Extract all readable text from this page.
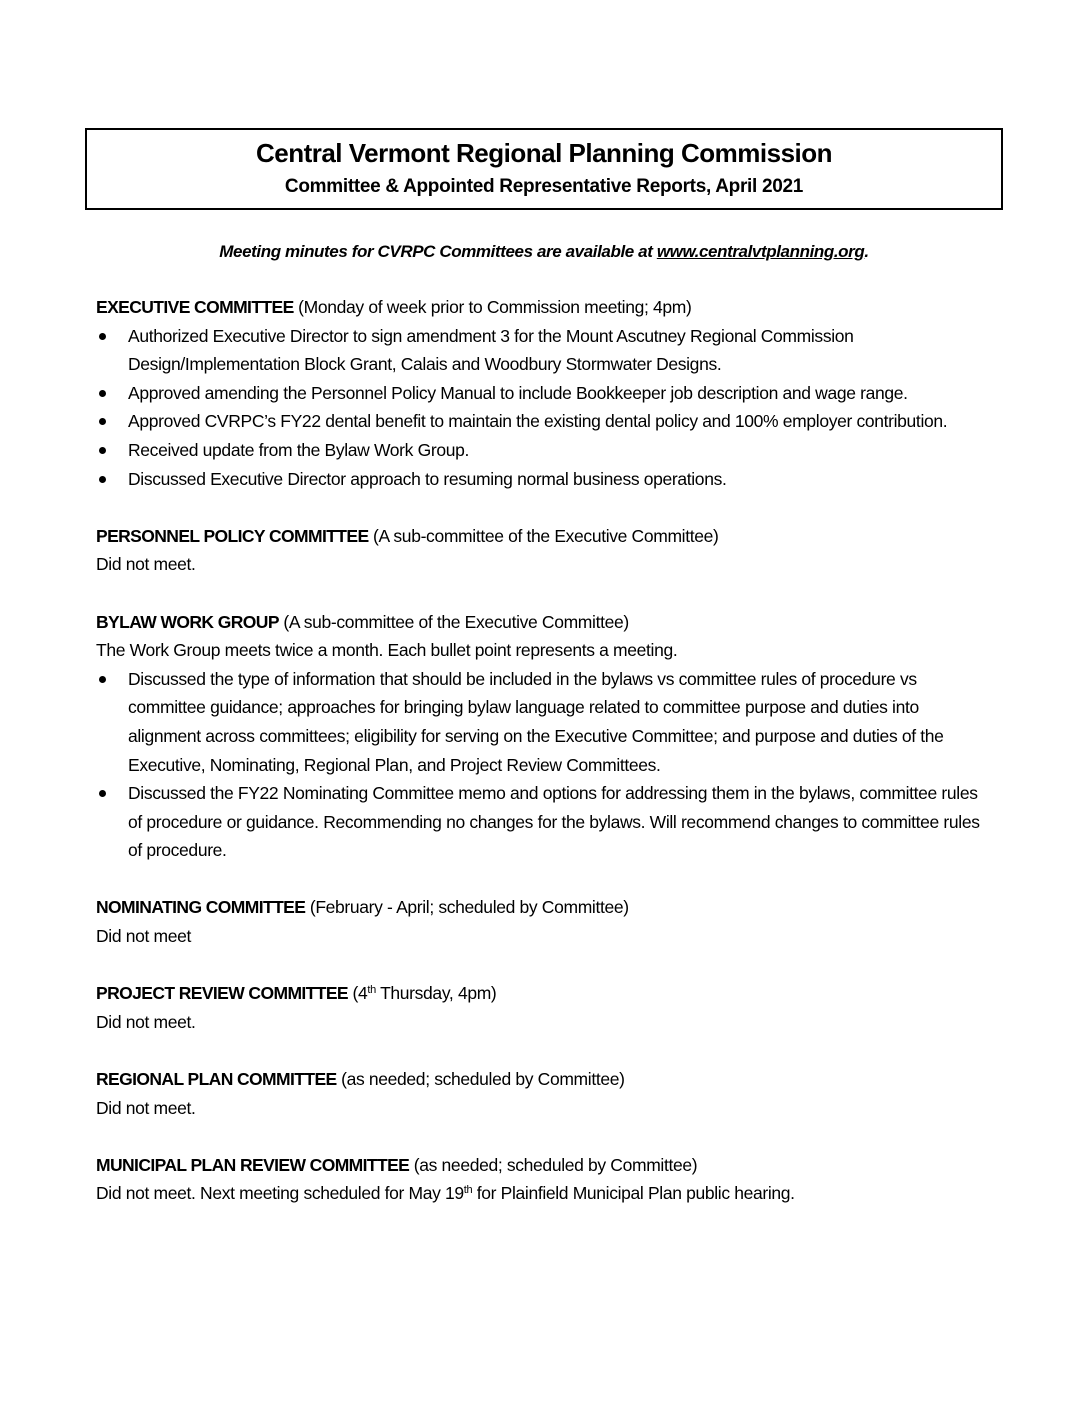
Central Vermont Regional Planning Commission
Committee & Appointed Representative Reports, April 2021
Meeting minutes for CVRPC Committees are available at www.centralvtplanning.org.
EXECUTIVE COMMITTEE (Monday of week prior to Commission meeting; 4pm)
Authorized Executive Director to sign amendment 3 for the Mount Ascutney Regional Commission Design/Implementation Block Grant, Calais and Woodbury Stormwater Designs.
Approved amending the Personnel Policy Manual to include Bookkeeper job description and wage range.
Approved CVRPC’s FY22 dental benefit to maintain the existing dental policy and 100% employer contribution.
Received update from the Bylaw Work Group.
Discussed Executive Director approach to resuming normal business operations.
PERSONNEL POLICY COMMITTEE (A sub-committee of the Executive Committee)
Did not meet.
BYLAW WORK GROUP (A sub-committee of the Executive Committee)
The Work Group meets twice a month. Each bullet point represents a meeting.
Discussed the type of information that should be included in the bylaws vs committee rules of procedure vs committee guidance; approaches for bringing bylaw language related to committee purpose and duties into alignment across committees; eligibility for serving on the Executive Committee; and purpose and duties of the Executive, Nominating, Regional Plan, and Project Review Committees.
Discussed the FY22 Nominating Committee memo and options for addressing them in the bylaws, committee rules of procedure or guidance. Recommending no changes for the bylaws. Will recommend changes to committee rules of procedure.
NOMINATING COMMITTEE (February - April; scheduled by Committee)
Did not meet
PROJECT REVIEW COMMITTEE (4th Thursday, 4pm)
Did not meet.
REGIONAL PLAN COMMITTEE (as needed; scheduled by Committee)
Did not meet.
MUNICIPAL PLAN REVIEW COMMITTEE (as needed; scheduled by Committee)
Did not meet. Next meeting scheduled for May 19th for Plainfield Municipal Plan public hearing.
